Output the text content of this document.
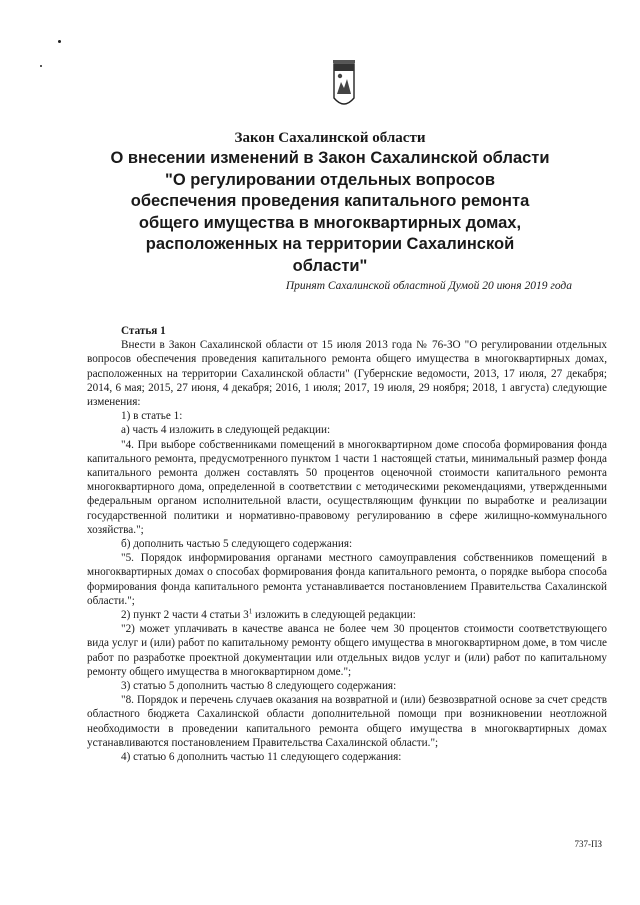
Закон Сахалинской области

О внесении изменений в Закон Сахалинской области "О регулировании отдельных вопросов обеспечения проведения капитального ремонта общего имущества в многоквартирных домах, расположенных на территории Сахалинской области"

Принят Сахалинской областной Думой 20 июня 2019 года

Статья 1

Внести в Закон Сахалинской области от 15 июля 2013 года № 76-ЗО "О регулировании отдельных вопросов обеспечения проведения капитального ремонта общего имущества в многоквартирных домах, расположенных на территории Сахалинской области" (Губернские ведомости, 2013, 17 июля, 27 декабря; 2014, 6 мая; 2015, 27 июня, 4 декабря; 2016, 1 июля; 2017, 19 июля, 29 ноября; 2018, 1 августа) следующие изменения:

1) в статье 1:

а) часть 4 изложить в следующей редакции:

"4. При выборе собственниками помещений в многоквартирном доме способа формирования фонда капитального ремонта, предусмотренного пунктом 1 части 1 настоящей статьи, минимальный размер фонда капитального ремонта должен составлять 50 процентов оценочной стоимости капитального ремонта многоквартирного дома, определенной в соответствии с методическими рекомендациями, утвержденными федеральным органом исполнительной власти, осуществляющим функции по выработке и реализации государственной политики и нормативно-правовому регулированию в сфере жилищно-коммунального хозяйства.";

б) дополнить частью 5 следующего содержания:

"5. Порядок информирования органами местного самоуправления собственников помещений в многоквартирных домах о способах формирования фонда капитального ремонта, о порядке выбора способа формирования фонда капитального ремонта устанавливается постановлением Правительства Сахалинской области.";

2) пункт 2 части 4 статьи $3^1$ изложить в следующей редакции:

"2) может уплачивать в качестве аванса не более чем 30 процентов стоимости соответствующего вида услуг и (или) работ по капитальному ремонту общего имущества в многоквартирном доме, в том числе работ по разработке проектной документации или отдельных видов услуг и (или) работ по капитальному ремонту общего имущества в многоквартирном доме.";

3) статью 5 дополнить частью 8 следующего содержания:

"8. Порядок и перечень случаев оказания на возвратной и (или) безвозвратной основе за счет средств областного бюджета Сахалинской области дополнительной помощи при возникновении неотложной необходимости в проведении капитального ремонта общего имущества в многоквартирных домах устанавливаются постановлением Правительства Сахалинской области.";

4) статью 6 дополнить частью 11 следующего содержания:

737-ПЗ
